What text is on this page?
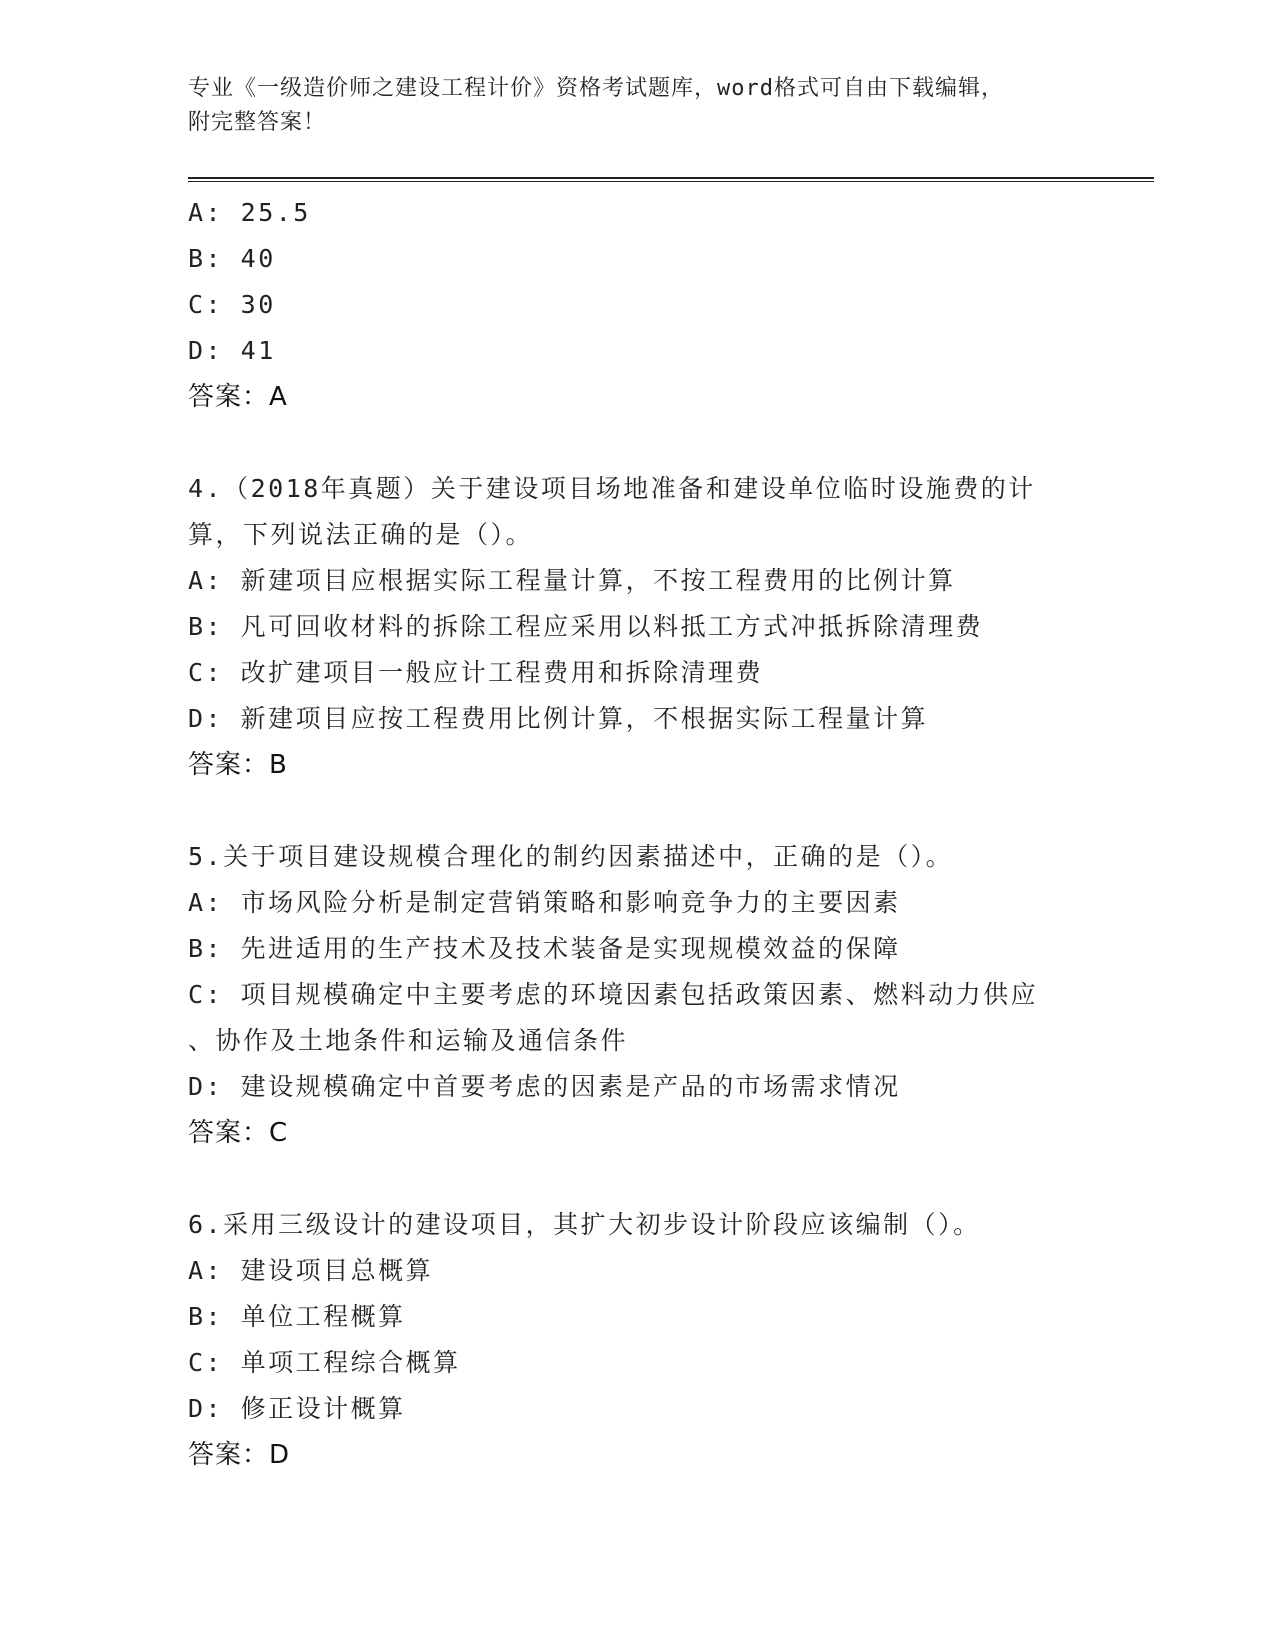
专业《一级造价师之建设工程计价》资格考试题库，word格式可自由下载编辑，
附完整答案！
A: 25.5
B: 40
C: 30
D: 41
答案：A
4.（2018年真题）关于建设项目场地准备和建设单位临时设施费的计
算，下列说法正确的是（）。
A: 新建项目应根据实际工程量计算，不按工程费用的比例计算
B: 凡可回收材料的拆除工程应采用以料抵工方式冲抵拆除清理费
C: 改扩建项目一般应计工程费用和拆除清理费
D: 新建项目应按工程费用比例计算，不根据实际工程量计算
答案：B
5.关于项目建设规模合理化的制约因素描述中，正确的是（）。
A: 市场风险分析是制定营销策略和影响竞争力的主要因素
B: 先进适用的生产技术及技术装备是实现规模效益的保障
C: 项目规模确定中主要考虑的环境因素包括政策因素、燃料动力供应
、协作及土地条件和运输及通信条件
D: 建设规模确定中首要考虑的因素是产品的市场需求情况
答案：C
6.采用三级设计的建设项目，其扩大初步设计阶段应该编制（）。
A: 建设项目总概算
B: 单位工程概算
C: 单项工程综合概算
D: 修正设计概算
答案：D
